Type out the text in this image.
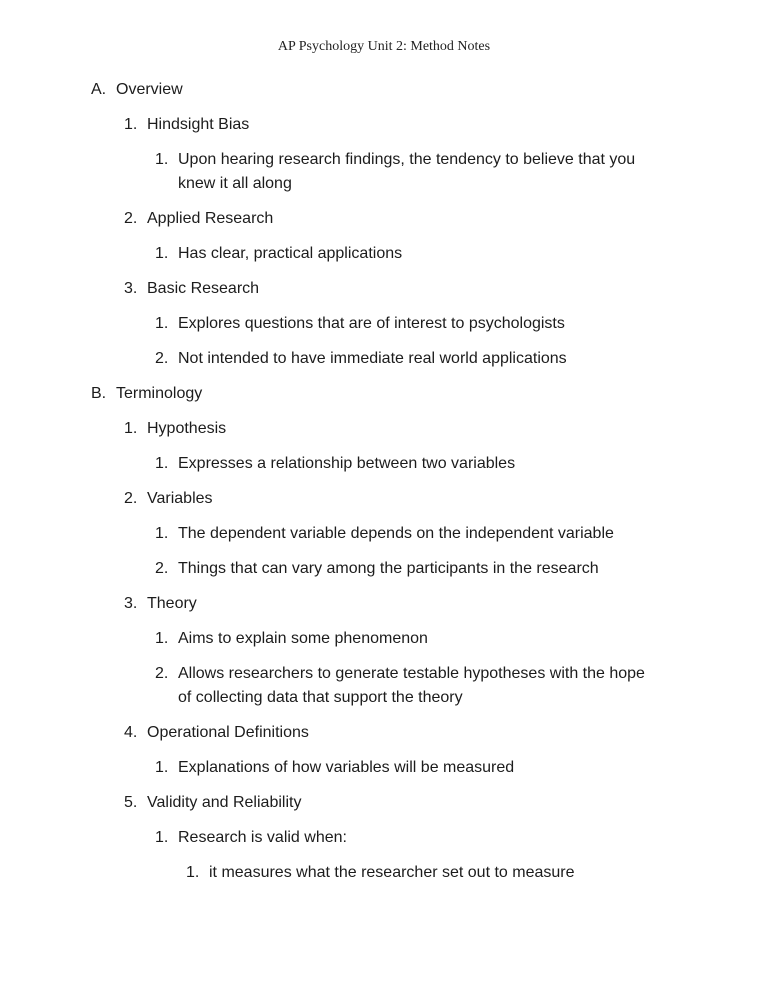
AP Psychology Unit 2: Method Notes
A. Overview
1. Hindsight Bias
1. Upon hearing research findings, the tendency to believe that you knew it all along
2. Applied Research
1. Has clear, practical applications
3. Basic Research
1. Explores questions that are of interest to psychologists
2. Not intended to have immediate real world applications
B. Terminology
1. Hypothesis
1. Expresses a relationship between two variables
2. Variables
1. The dependent variable depends on the independent variable
2. Things that can vary among the participants in the research
3. Theory
1. Aims to explain some phenomenon
2. Allows researchers to generate testable hypotheses with the hope of collecting data that support the theory
4. Operational Definitions
1. Explanations of how variables will be measured
5. Validity and Reliability
1. Research is valid when:
1. it measures what the researcher set out to measure
